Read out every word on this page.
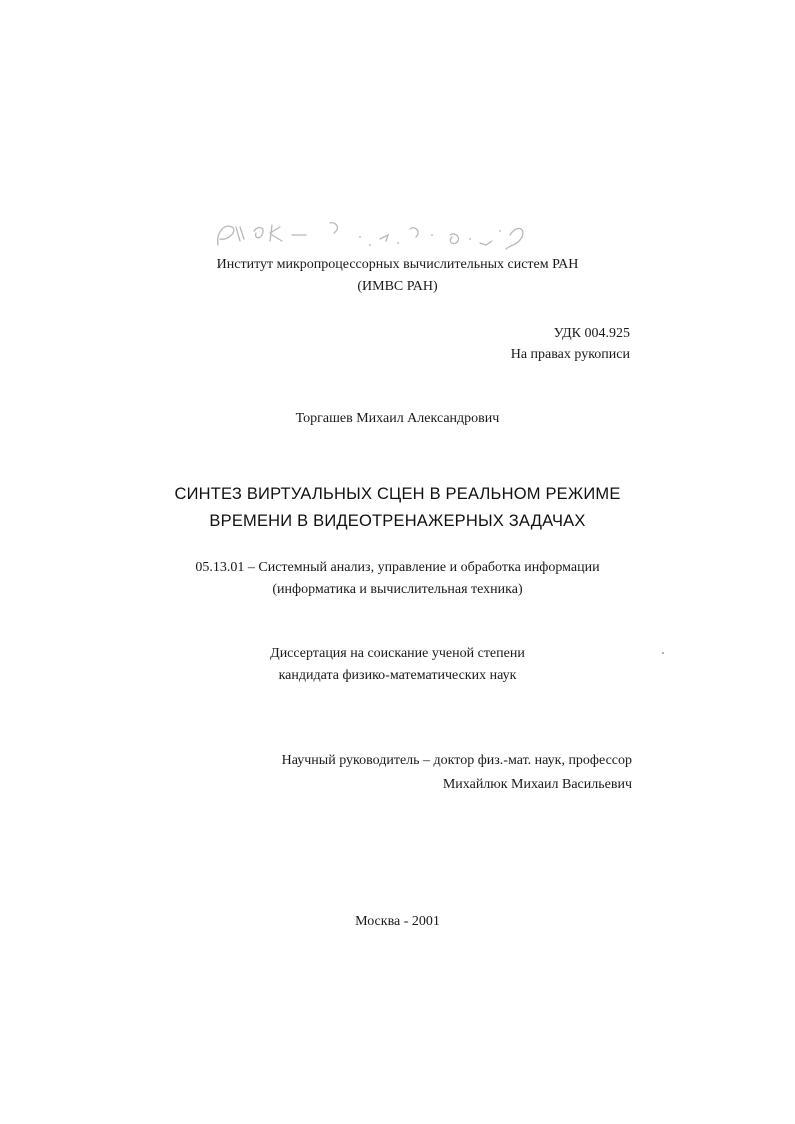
Институт микропроцессорных вычислительных систем РАН
(ИМВС РАН)
УДК 004.925
На правах рукописи
Торгашев Михаил Александрович
СИНТЕЗ ВИРТУАЛЬНЫХ СЦЕН В РЕАЛЬНОМ РЕЖИМЕ
ВРЕМЕНИ В ВИДЕОТРЕНАЖЕРНЫХ ЗАДАЧАХ
05.13.01 – Системный анализ, управление и обработка информации
(информатика и вычислительная техника)
Диссертация на соискание ученой степени
кандидата физико-математических наук
Научный руководитель – доктор физ.-мат. наук, профессор
Михайлюк Михаил Васильевич
Москва - 2001
